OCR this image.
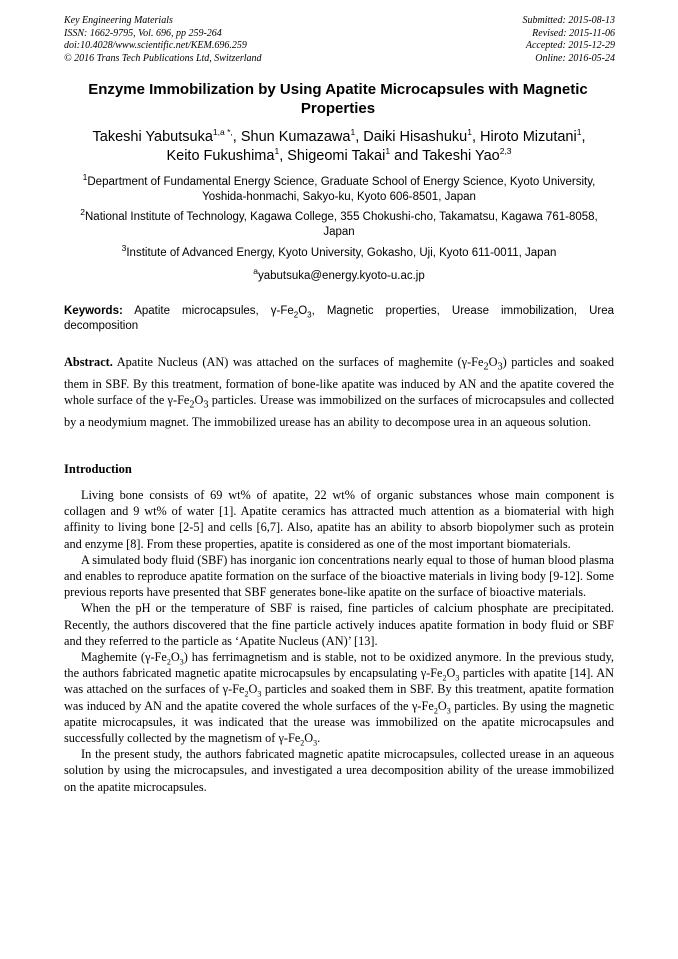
Key Engineering Materials
ISSN: 1662-9795, Vol. 696, pp 259-264
doi:10.4028/www.scientific.net/KEM.696.259
© 2016 Trans Tech Publications Ltd, Switzerland
Submitted: 2015-08-13
Revised: 2015-11-06
Accepted: 2015-12-29
Online: 2016-05-24
Enzyme Immobilization by Using Apatite Microcapsules with Magnetic Properties
Takeshi Yabutsuka$^{1,a *,}$, Shun Kumazawa$^1$, Daiki Hisashuku$^1$, Hiroto Mizutani$^1$,
Keito Fukushima$^1$, Shigeomi Takai$^1$ and Takeshi Yao$^{2,3}$
$^1$Department of Fundamental Energy Science, Graduate School of Energy Science, Kyoto University, Yoshida-honmachi, Sakyo-ku, Kyoto 606-8501, Japan
$^2$National Institute of Technology, Kagawa College, 355 Chokushi-cho, Takamatsu, Kagawa 761-8058, Japan
$^3$Institute of Advanced Energy, Kyoto University, Gokasho, Uji, Kyoto 611-0011, Japan
$^a$yabutsuka@energy.kyoto-u.ac.jp
Keywords: Apatite microcapsules, $\gamma-Fe_2O_3$, Magnetic properties, Urease immobilization, Urea decomposition
Abstract. Apatite Nucleus (AN) was attached on the surfaces of maghemite $(\gamma-Fe_2O_3)$ particles and soaked them in SBF. By this treatment, formation of bone-like apatite was induced by AN and the apatite covered the whole surface of the $\gamma-Fe_2O_3$ particles. Urease was immobilized on the surfaces of microcapsules and collected by a neodymium magnet. The immobilized urease has an ability to decompose urea in an aqueous solution.
Introduction

Living bone consists of 69 wt% of apatite, 22 wt% of organic substances whose main component is collagen and 9 wt% of water [1]. Apatite ceramics has attracted much attention as a biomaterial with high affinity to living bone [2-5] and cells [6,7]. Also, apatite has an ability to absorb biopolymer such as protein and enzyme [8]. From these properties, apatite is considered as one of the most important biomaterials.

A simulated body fluid (SBF) has inorganic ion concentrations nearly equal to those of human blood plasma and enables to reproduce apatite formation on the surface of the bioactive materials in living body [9-12]. Some previous reports have presented that SBF generates bone-like apatite on the surface of bioactive materials.

When the pH or the temperature of SBF is raised, fine particles of calcium phosphate are precipitated. Recently, the authors discovered that the fine particle actively induces apatite formation in body fluid or SBF and they referred to the particle as ‘Apatite Nucleus (AN)’ [13].

Maghemite $(\gamma-Fe_2O_3)$ has ferrimagnetism and is stable, not to be oxidized anymore. In the previous study, the authors fabricated magnetic apatite microcapsules by encapsulating $\gamma-Fe_2O_3$ particles with apatite [14]. AN was attached on the surfaces of $\gamma-Fe_2O_3$ particles and soaked them in SBF. By this treatment, apatite formation was induced by AN and the apatite covered the whole surfaces of the $\gamma-Fe_2O_3$ particles. By using the magnetic apatite microcapsules, it was indicated that the urease was immobilized on the apatite microcapsules and successfully collected by the magnetism of $\gamma-Fe_2O_3$.

In the present study, the authors fabricated magnetic apatite microcapsules, collected urease in an aqueous solution by using the microcapsules, and investigated a urea decomposition ability of the urease immobilized on the apatite microcapsules.
